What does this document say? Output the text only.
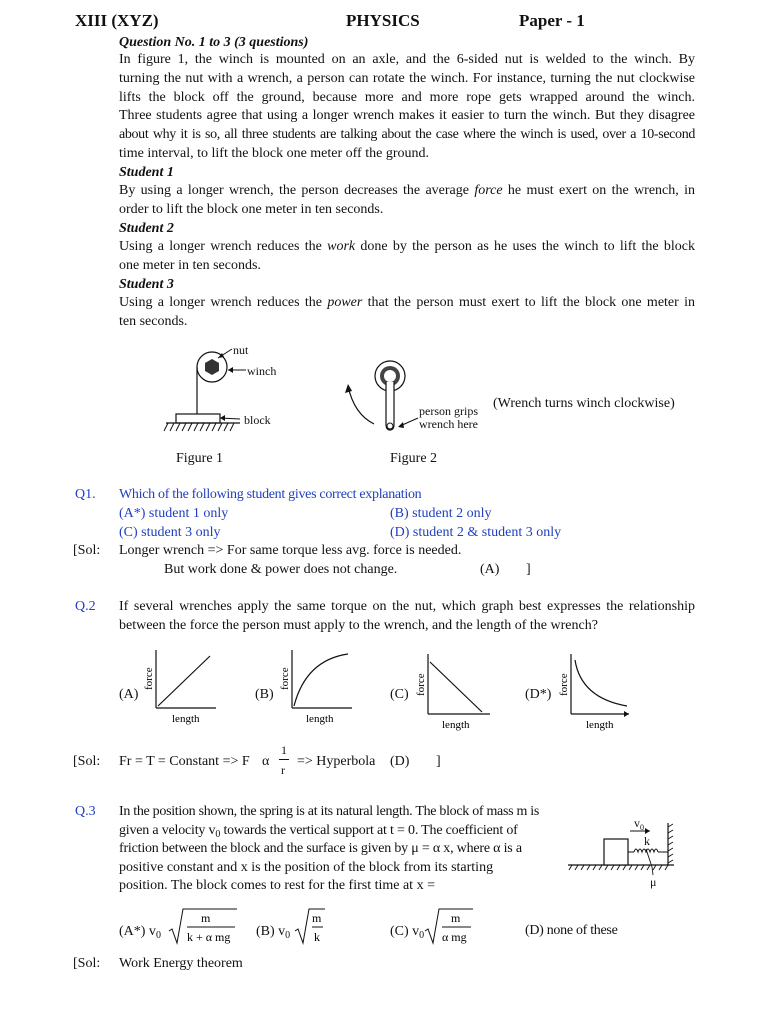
XIII (XYZ)	PHYSICS	Paper - 1
Question No. 1 to 3 (3 questions)
In figure 1, the winch is mounted on an axle, and the 6-sided nut is welded to the winch. By
turning the nut with a wrench, a person can rotate the winch. For instance, turning the nut clockwise
lifts the block off the ground, because more and more rope gets wrapped around the winch.
Three students agree that using a longer wrench makes it easier to turn the winch. But they disagree
about why it is so, all three students are talking about the case where the winch is used, over a 10-second
time interval, to lift the block one meter off the ground.
Student 1
By using a longer wrench, the person decreases the average force he must exert on the wrench, in
order to lift the block one meter in ten seconds.
Student 2
Using a longer wrench reduces the work done by the person as he uses the winch to lift the block
one meter in ten seconds.
Student 3
Using a longer wrench reduces the power that the person must exert to lift the block one meter in
ten seconds.
nut
winch
block
Figure 1
person grips
wrench here
(Wrench turns winch clockwise)
Figure 2
Q1. Which of the following student gives correct explanation
(A*) student 1 only	(B) student 2 only
(C) student 3 only	(D) student 2 & student 3 only
[Sol: Longer wrench => For same torque less avg. force is needed.
But work done & power does not change.	(A) ]
Q.2 If several wrenches apply the same torque on the nut, which graph best expresses the relationship
between the force the person must apply to the wrench, and the length of the wrench?
(A)	(B)	(C)	(D*)
force
length
force
length
force
length
force
length
[Sol: Fr = T = Constant => F α
1
r
=> Hyperbola (D) ]
Q.3 In the position shown, the spring is at its natural length. The block of mass m is
given a velocity $v_0$ towards the vertical support at t = 0. The coefficient of
friction between the block and the surface is given by μ = α x, where α is a
positive constant and x is the position of the block from its starting
position. The block comes to rest for the first time at x =
$v_0$
k
μ
(A*) $v_0$
m
k + α mg (B) $v_0$
m
k	(C) $v_0$
m
α mg	(D) none of these
[Sol: Work Energy theorem
